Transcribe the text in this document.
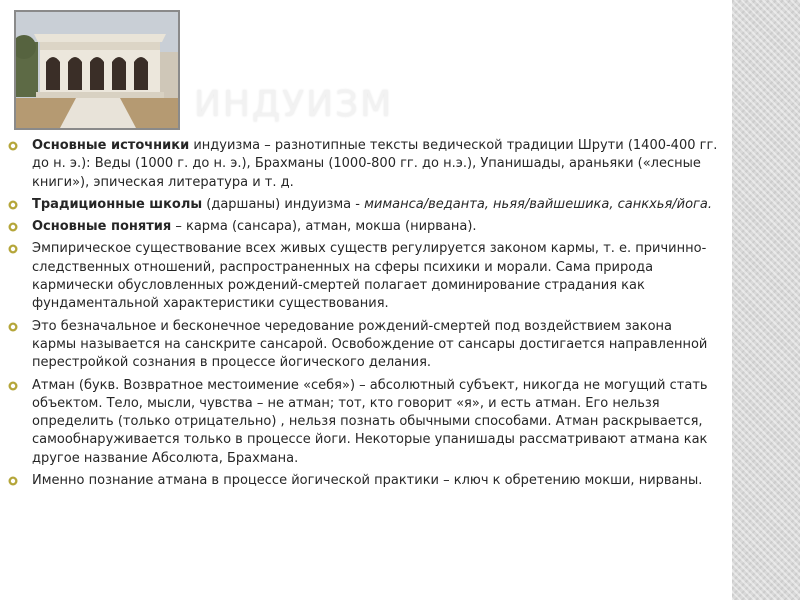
ИНДУИЗМ
Основные источники индуизма – разнотипные тексты ведической традиции Шрути (1400-400 гг. до н. э.): Веды (1000 г. до н. э.), Брахманы (1000-800 гг. до н.э.), Упанишады, араньяки («лесные книги»), эпическая литература и т. д.
Традиционные школы (даршаны) индуизма - миманса/веданта, ньяя/вайшешика, санкхья/йога.
Основные понятия – карма (сансара), атман, мокша (нирвана).
Эмпирическое существование всех живых существ регулируется законом кармы, т. е. причинно-следственных отношений, распространенных на сферы психики и морали. Сама природа кармически обусловленных рождений-смертей полагает доминирование страдания как фундаментальной характеристики существования.
Это безначальное и бесконечное чередование рождений-смертей под воздействием закона кармы называется на санскрите сансарой. Освобождение от сансары достигается направленной перестройкой сознания в процессе йогического делания.
Атман (букв. Возвратное местоимение «себя») – абсолютный субъект, никогда не могущий стать объектом. Тело, мысли, чувства – не атман; тот, кто говорит «я», и есть атман. Его нельзя определить (только отрицательно) , нельзя познать обычными способами. Атман раскрывается, самообнаруживается только в процессе йоги. Некоторые упанишады рассматривают атмана как другое название Абсолюта, Брахмана.
Именно познание атмана в процессе йогической практики – ключ к обретению мокши, нирваны.
